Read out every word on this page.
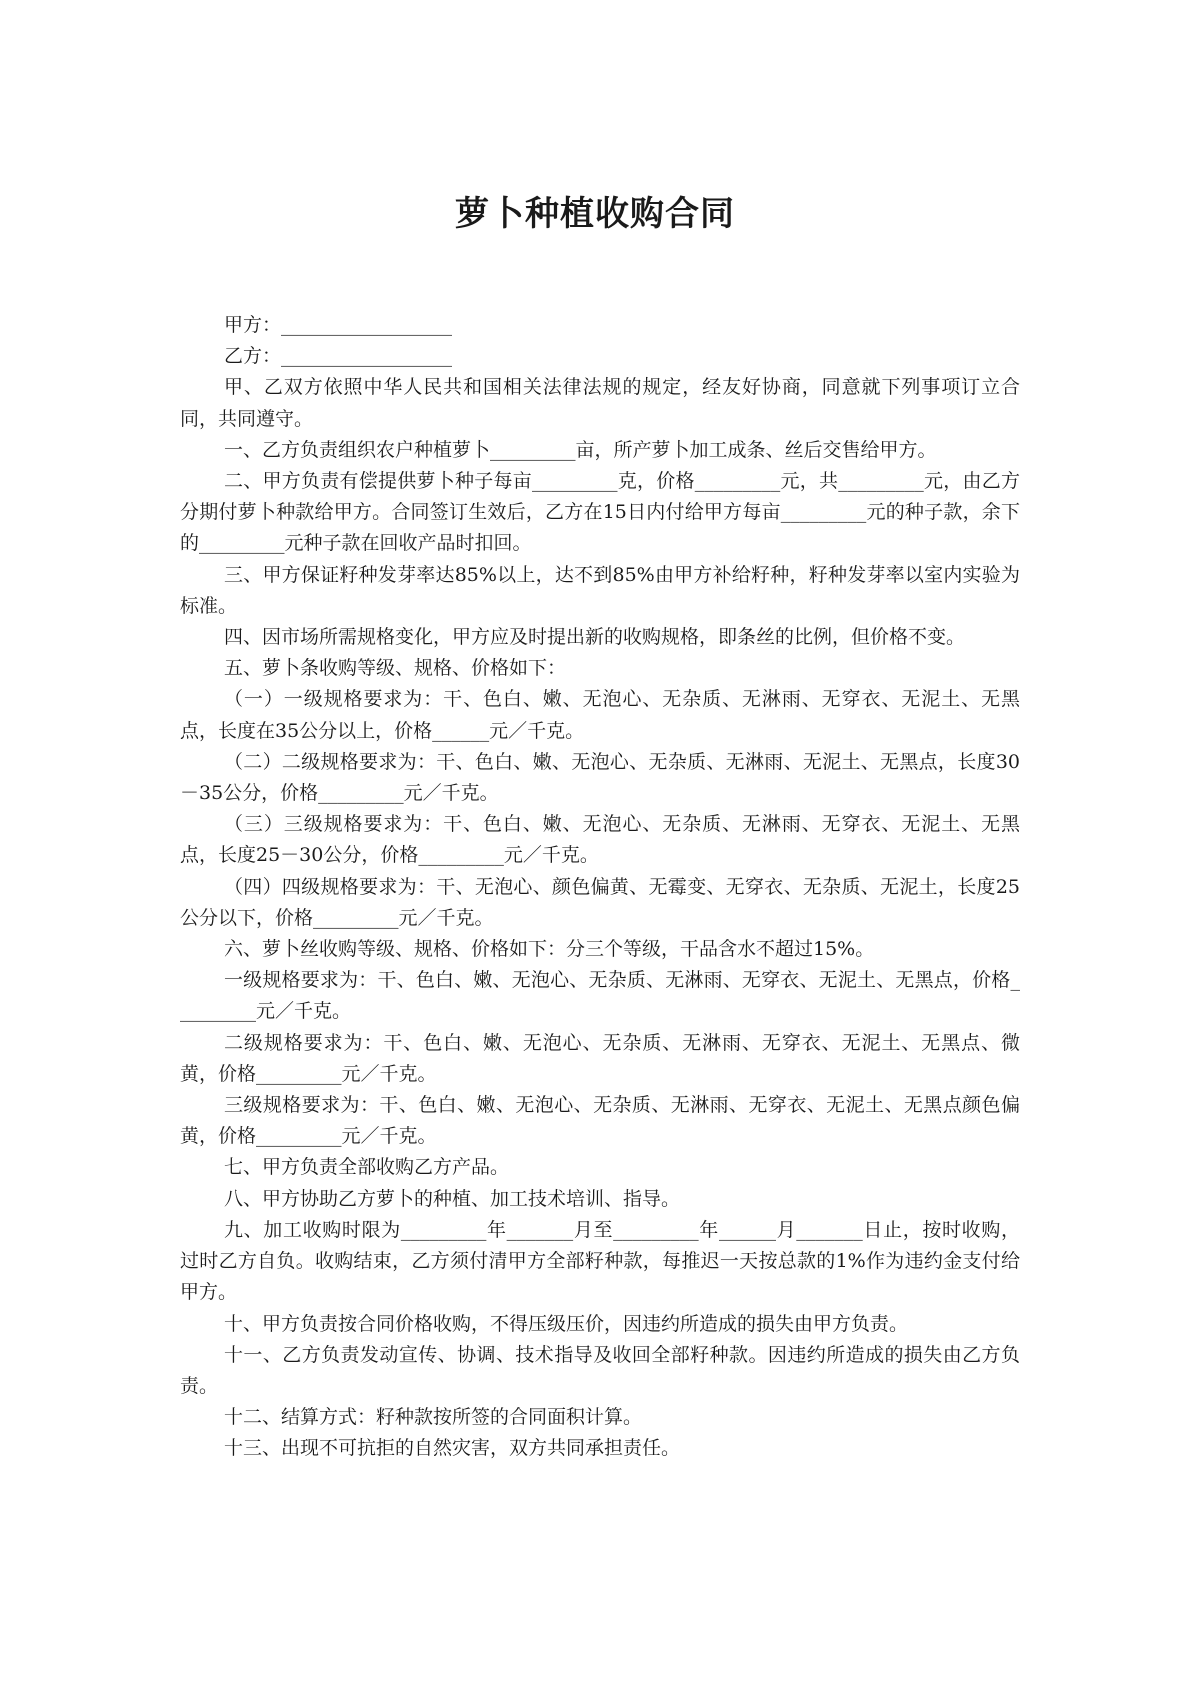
萝卜种植收购合同

甲方：__________________

乙方：__________________

甲、乙双方依照中华人民共和国相关法律法规的规定，经友好协商，同意就下列事项订立合同，共同遵守。

一、乙方负责组织农户种植萝卜_________亩，所产萝卜加工成条、丝后交售给甲方。

二、甲方负责有偿提供萝卜种子每亩_________克，价格_________元，共_________元，由乙方分期付萝卜种款给甲方。合同签订生效后，乙方在15日内付给甲方每亩_________元的种子款，余下的_________元种子款在回收产品时扣回。

三、甲方保证籽种发芽率达85%以上，达不到85%由甲方补给籽种，籽种发芽率以室内实验为标准。

四、因市场所需规格变化，甲方应及时提出新的收购规格，即条丝的比例，但价格不变。

五、萝卜条收购等级、规格、价格如下：

（一）一级规格要求为：干、色白、嫩、无泡心、无杂质、无淋雨、无穿衣、无泥土、无黑点，长度在35公分以上，价格______元／千克。

（二）二级规格要求为：干、色白、嫩、无泡心、无杂质、无淋雨、无泥土、无黑点，长度30－35公分，价格_________元／千克。

（三）三级规格要求为：干、色白、嫩、无泡心、无杂质、无淋雨、无穿衣、无泥土、无黑点，长度25－30公分，价格_________元／千克。

（四）四级规格要求为：干、无泡心、颜色偏黄、无霉变、无穿衣、无杂质、无泥土，长度25公分以下，价格_________元／千克。

六、萝卜丝收购等级、规格、价格如下：分三个等级，干品含水不超过15%。

一级规格要求为：干、色白、嫩、无泡心、无杂质、无淋雨、无穿衣、无泥土、无黑点，价格_________元／千克。

二级规格要求为：干、色白、嫩、无泡心、无杂质、无淋雨、无穿衣、无泥土、无黑点、微黄，价格_________元／千克。

三级规格要求为：干、色白、嫩、无泡心、无杂质、无淋雨、无穿衣、无泥土、无黑点颜色偏黄，价格_________元／千克。

七、甲方负责全部收购乙方产品。

八、甲方协助乙方萝卜的种植、加工技术培训、指导。

九、加工收购时限为_________年_______月至_________年______月_______日止，按时收购，过时乙方自负。收购结束，乙方须付清甲方全部籽种款，每推迟一天按总款的1%作为违约金支付给甲方。

十、甲方负责按合同价格收购，不得压级压价，因违约所造成的损失由甲方负责。

十一、乙方负责发动宣传、协调、技术指导及收回全部籽种款。因违约所造成的损失由乙方负责。

十二、结算方式：籽种款按所签的合同面积计算。

十三、出现不可抗拒的自然灾害，双方共同承担责任。
